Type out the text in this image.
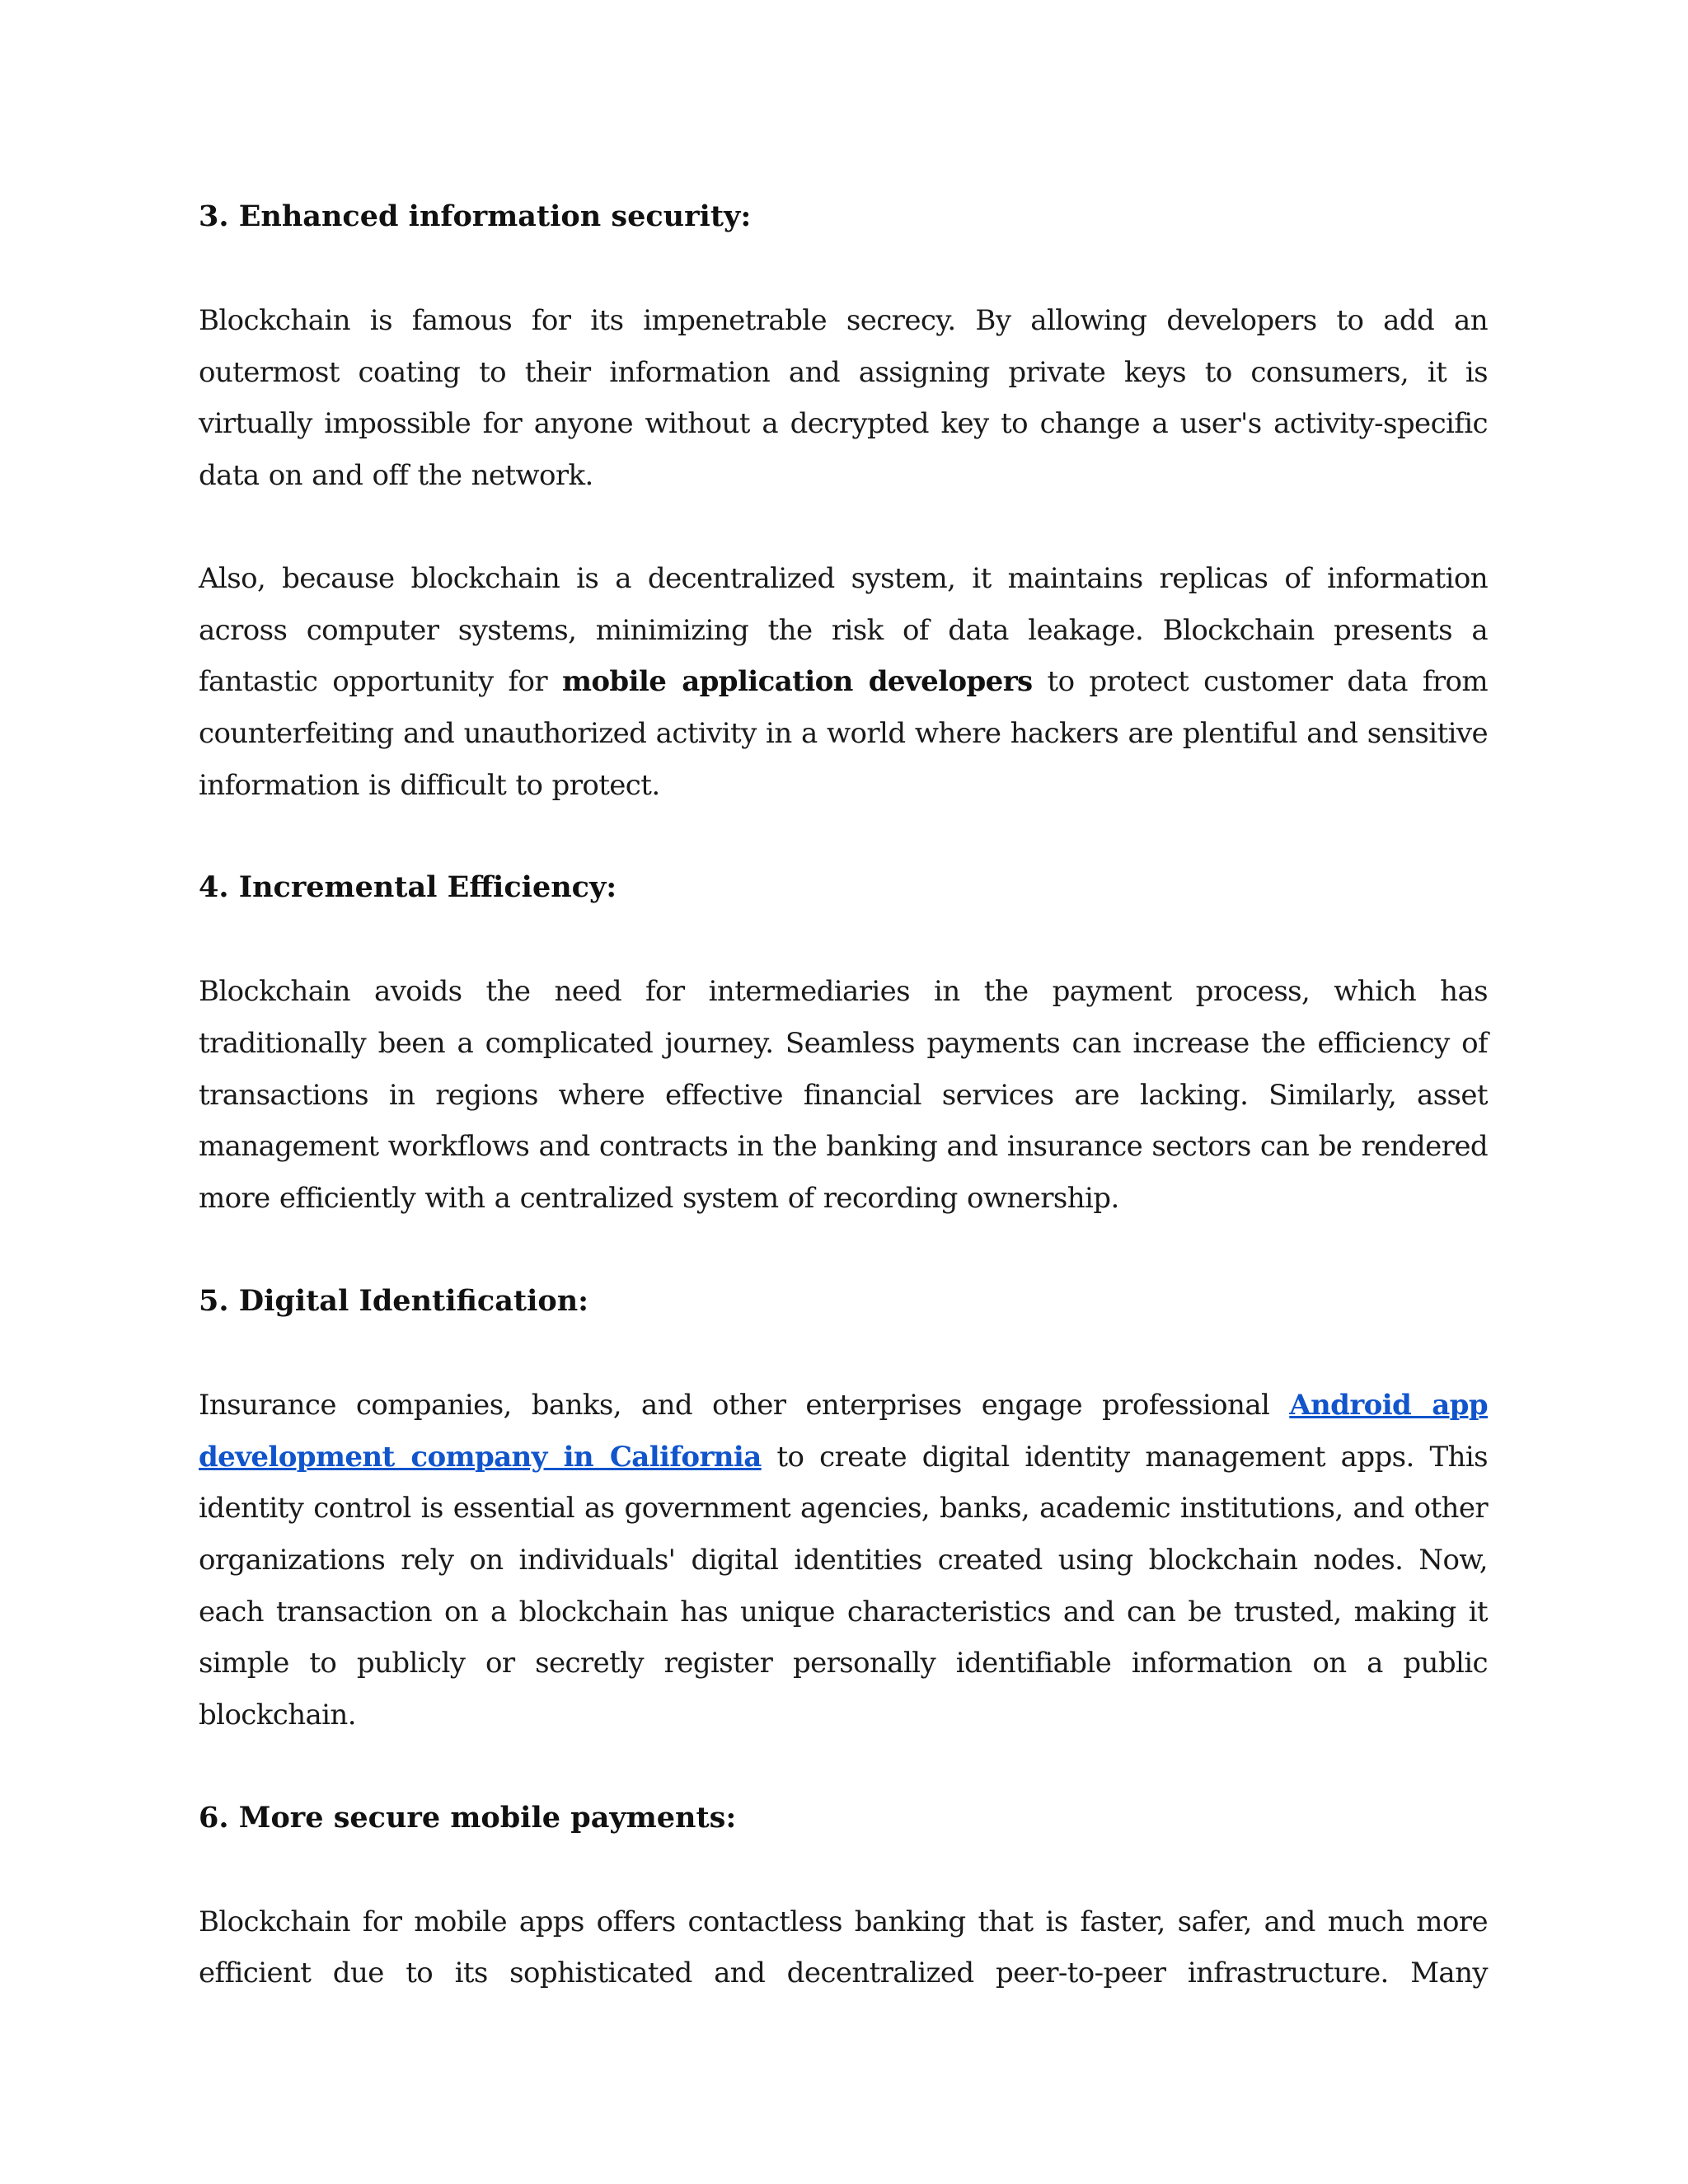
3. Enhanced information security:

Blockchain is famous for its impenetrable secrecy. By allowing developers to add an outermost coating to their information and assigning private keys to consumers, it is virtually impossible for anyone without a decrypted key to change a user's activity-specific data on and off the network.

Also, because blockchain is a decentralized system, it maintains replicas of information across computer systems, minimizing the risk of data leakage. Blockchain presents a fantastic opportunity for mobile application developers to protect customer data from counterfeiting and unauthorized activity in a world where hackers are plentiful and sensitive information is difficult to protect.

4. Incremental Efficiency:

Blockchain avoids the need for intermediaries in the payment process, which has traditionally been a complicated journey. Seamless payments can increase the efficiency of transactions in regions where effective financial services are lacking. Similarly, asset management workflows and contracts in the banking and insurance sectors can be rendered more efficiently with a centralized system of recording ownership.

5. Digital Identification:

Insurance companies, banks, and other enterprises engage professional Android app development company in California to create digital identity management apps. This identity control is essential as government agencies, banks, academic institutions, and other organizations rely on individuals' digital identities created using blockchain nodes. Now, each transaction on a blockchain has unique characteristics and can be trusted, making it simple to publicly or secretly register personally identifiable information on a public blockchain.

6. More secure mobile payments:

Blockchain for mobile apps offers contactless banking that is faster, safer, and much more efficient due to its sophisticated and decentralized peer-to-peer infrastructure. Many
